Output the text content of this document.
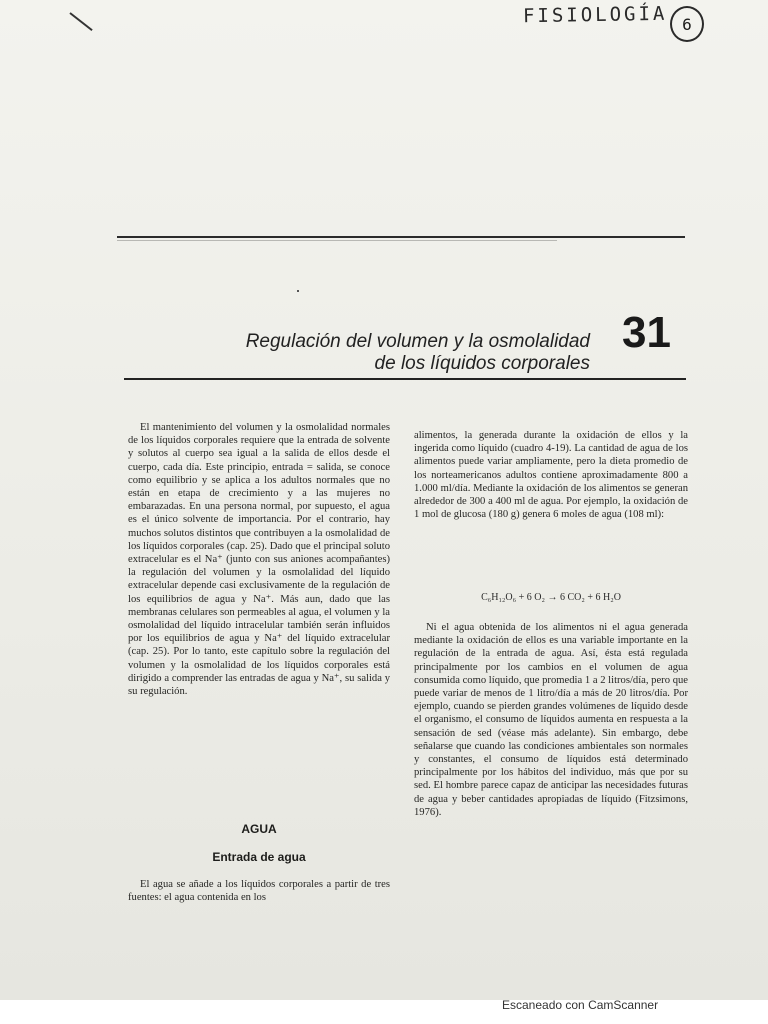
FISIOLOGÍA 6
Regulación del volumen y la osmolalidad
de los líquidos corporales
31

El mantenimiento del volumen y la osmolalidad normales de los líquidos corporales requiere que la entrada de solvente y solutos al cuerpo sea igual a la salida de ellos desde el cuerpo, cada día. Este principio, entrada = salida, se conoce como equilibrio y se aplica a los adultos normales que no están en etapa de crecimiento y a las mujeres no embarazadas. En una persona normal, por supuesto, el agua es el único solvente de importancia. Por el contrario, hay muchos solutos distintos que contribuyen a la osmolalidad de los líquidos corporales (cap. 25). Dado que el principal soluto extracelular es el Na⁺ (junto con sus aniones acompañantes) la regulación del volumen y la osmolalidad del líquido extracelular depende casi exclusivamente de la regulación de los equilibrios de agua y Na⁺. Más aun, dado que las membranas celulares son permeables al agua, el volumen y la osmolalidad del líquido intracelular también serán influidos por los equilibrios de agua y Na⁺ del líquido extracelular (cap. 25). Por lo tanto, este capítulo sobre la regulación del volumen y la osmolalidad de los líquidos corporales está dirigido a comprender las entradas de agua y Na⁺, su salida y su regulación.

AGUA
Entrada de agua

El agua se añade a los líquidos corporales a partir de tres fuentes: el agua contenida en los

alimentos, la generada durante la oxidación de ellos y la ingerida como líquido (cuadro 4-19). La cantidad de agua de los alimentos puede variar ampliamente, pero la dieta promedio de los norteamericanos adultos contiene aproximadamente 800 a 1.000 ml/día. Mediante la oxidación de los alimentos se generan alrededor de 300 a 400 ml de agua. Por ejemplo, la oxidación de 1 mol de glucosa (180 g) genera 6 moles de agua (108 ml):

C₆H₁₂O₆ + 6 O₂ → 6 CO₂ + 6 H₂O

Ni el agua obtenida de los alimentos ni el agua generada mediante la oxidación de ellos es una variable importante en la regulación de la entrada de agua. Así, ésta está regulada principalmente por los cambios en el volumen de agua consumida como líquido, que promedia 1 a 2 litros/día, pero que puede variar de menos de 1 litro/día a más de 20 litros/día. Por ejemplo, cuando se pierden grandes volúmenes de líquido desde el organismo, el consumo de líquidos aumenta en respuesta a la sensación de sed (véase más adelante). Sin embargo, debe señalarse que cuando las condiciones ambientales son normales y constantes, el consumo de líquidos está determinado principalmente por los hábitos del individuo, más que por su sed. El hombre parece capaz de anticipar las necesidades futuras de agua y beber cantidades apropiadas de líquido (Fitzsimons, 1976).

Escaneado con CamScanner
